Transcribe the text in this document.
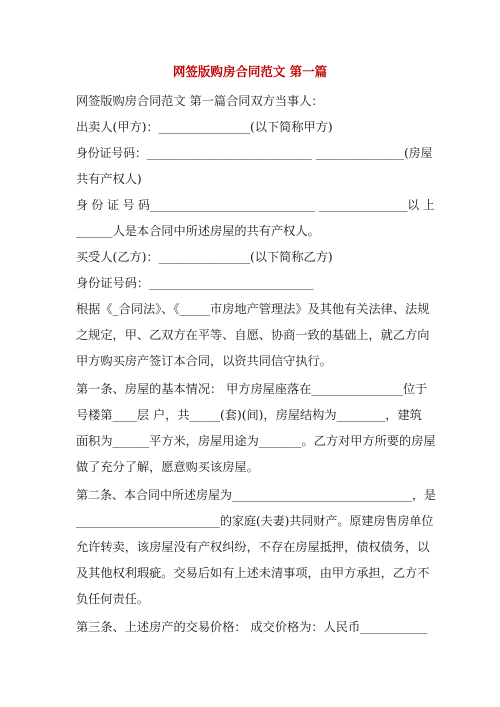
网签版购房合同范文 第一篇
网签版购房合同范文 第一篇合同双方当事人：
出卖人(甲方)：_______________(以下简称甲方)
身份证号码：____________________________ _______________(房屋
共有产权人)
身 份 证 号 码____________________________ _______________以 上
______人是本合同中所述房屋的共有产权人。
买受人(乙方)：_______________(以下简称乙方)
身份证号码：___________________________
根据《_合同法》、《_____市房地产管理法》及其他有关法律、法规
之规定，甲、乙双方在平等、自愿、协商一致的基础上，就乙方向
甲方购买房产签订本合同，以资共同信守执行。
第一条、房屋的基本情况： 甲方房屋座落在_______________位于
号楼第____层 户，共_____(套)(间)，房屋结构为________，建筑
面积为______平方米，房屋用途为_______。乙方对甲方所要的房屋
做了充分了解，愿意购买该房屋。
第二条、本合同中所述房屋为______________________________，是
________________________的家庭(夫妻)共同财产。原建房售房单位
允许转卖，该房屋没有产权纠纷，不存在房屋抵押，债权债务，以
及其他权利瑕疵。交易后如有上述未清事项，由甲方承担，乙方不
负任何责任。
第三条、上述房产的交易价格： 成交价格为：人民币___________
